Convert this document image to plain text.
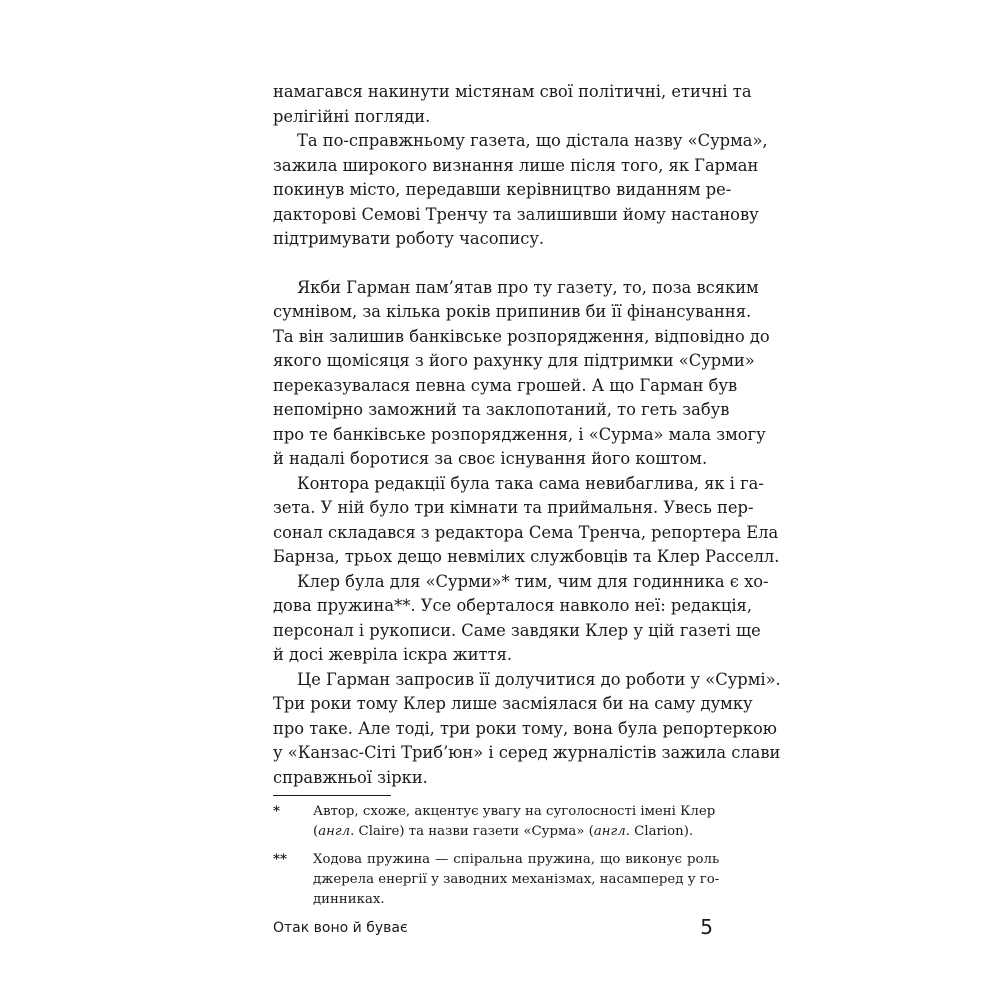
намагався накинути містянам свої політичні, етичні та
релігійні погляди.

Та по-справжньому газета, що дістала назву «Сурма»,
зажила широкого визнання лише після того, як Гарман
покинув місто, передавши керівництво виданням ре-
дакторові Семові Тренчу та залишивши йому настанову
підтримувати роботу часопису.

Якби Гарман пам’ятав про ту газету, то, поза всяким
сумнівом, за кілька років припинив би її фінансування.
Та він залишив банківське розпорядження, відповідно до
якого щомісяця з його рахунку для підтримки «Сурми»
переказувалася певна сума грошей. А що Гарман був
непомірно заможний та заклопотаний, то геть забув
про те банківське розпорядження, і «Сурма» мала змогу
й надалі боротися за своє існування його коштом.

Контора редакції була така сама невибаглива, як і га-
зета. У ній було три кімнати та приймальня. Увесь пер-
сонал складався з редактора Сема Тренча, репортера Ела
Барнза, трьох дещо невмілих службовців та Клер Расселл.

Клер була для «Сурми»* тим, чим для годинника є хо-
дова пружина**. Усе оберталося навколо неї: редакція,
персонал і рукописи. Саме завдяки Клер у цій газеті ще
й досі жевріла іскра життя.

Це Гарман запросив її долучитися до роботи у «Сурмі».
Три роки тому Клер лише засміялася би на саму думку
про таке. Але тоді, три роки тому, вона була репортеркою
у «Канзас-Сіті Триб’юн» і серед журналістів зажила слави
справжньої зірки.

*	Автор, схоже, акцентує увагу на суголосності імені Клер
(англ. Claire) та назви газети «Сурма» (англ. Clarion).
**	Ходова пружина — спіральна пружина, що виконує роль
джерела енергії у заводних механізмах, насамперед у го-
динниках.
Отак воно й буває	5
